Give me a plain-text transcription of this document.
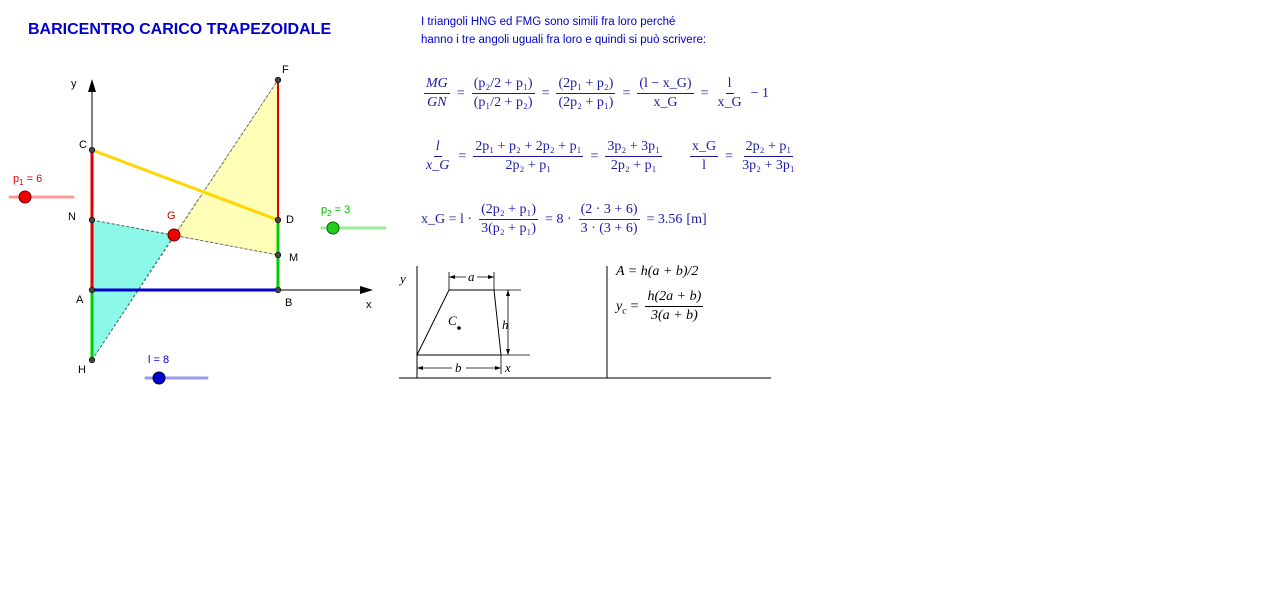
BARICENTRO CARICO TRAPEZOIDALE	I triangoli HNG ed FMG sono simili fra loro perché
hanno i tre angoli uguali fra loro e quindi si può scrivere:
y
x
C
N
A
H
F
D
M
B
G
$p_1 = 6$
$p_2 = 3$
l = 8
$\frac{MG}{GN} = \frac{\text{(p₂/2 + p₁)}}{\text{(p₁/2 + p₂)}} = \frac{\text{(2p₁ + p₂)}}{\text{(2p₂ + p₁)}} = \frac{(l - x\_G)}{x\_G} = \frac{l}{x\_G} - 1$
$\frac{l}{x\_G} = \frac{\text{2p₁ + p₂ + 2p₂ + p₁}}{\text{2p₂ + p₁}} = \frac{\text{3p₂ + 3p₁}}{\text{2p₂ + p₁}} \frac{x\_G}{l} = \frac{\text{2p₂ + p₁}}{\text{3p₂ + 3p₁}}$
x_G = $l \cdot \frac{\text{(2p₂ + p₁)}}{\text{3(p₂ + p₁)}} = 8 \cdot \frac{(2 \cdot 3 + 6)}{3 \cdot (3 + 6)} = 3.56$ [m]
y	a
h
C
b	x
A = h(a + b)/2
$y_c = \frac{h(2a + b)}{3(a + b)}$
